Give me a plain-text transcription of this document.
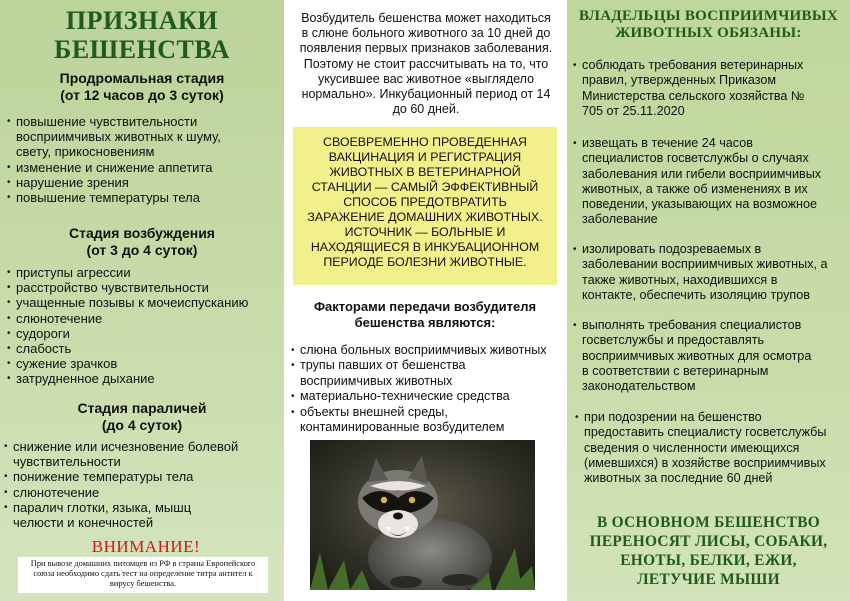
ПРИЗНАКИ
БЕШЕНСТВА
Продромальная стадия
(от 12 часов до 3 суток)
• повышение чувствительности
восприимчивых животных к шуму,
свету, прикосновениям
• изменение и снижение аппетита
• нарушение зрения
• повышение температуры тела
Стадия возбуждения
(от 3 до 4 суток)
• приступы агрессии
• расстройство чувствительности
• учащенные позывы к мочеиспусканию
• слюнотечение
• судороги
• слабость
• сужение зрачков
• затрудненное дыхание
Стадия параличей
(до 4 суток)
• снижение или исчезновение болевой
чувствительности
• понижение температуры тела
• слюнотечение
• паралич глотки, языка, мышц
челюсти и конечностей
ВНИМАНИЕ!
При вывозе домашних питомцев из РФ в страны Европейского союза необходимо сдать тест на определение титра антител к вирусу бешенства.
Возбудитель бешенства может находиться в слюне больного животного за 10 дней до появления первых признаков заболевания. Поэтому не стоит рассчитывать на то, что укусившее вас животное «выглядело нормально». Инкубационный период от 14 до 60 дней.
СВОЕВРЕМЕННО ПРОВЕДЕННАЯ ВАКЦИНАЦИЯ И РЕГИСТРАЦИЯ ЖИВОТНЫХ В ВЕТЕРИНАРНОЙ СТАНЦИИ — САМЫЙ ЭФФЕКТИВНЫЙ СПОСОБ ПРЕДОТВРАТИТЬ ЗАРАЖЕНИЕ ДОМАШНИХ ЖИВОТНЫХ.
ИСТОЧНИК — БОЛЬНЫЕ И НАХОДЯЩИЕСЯ В ИНКУБАЦИОННОМ ПЕРИОДЕ БОЛЕЗНИ ЖИВОТНЫЕ.
Факторами передачи возбудителя бешенства являются:
• слюна больных восприимчивых животных
• трупы павших от бешенства
восприимчивых животных
• материально-технические средства
• объекты внешней среды,
контаминированные возбудителем
ВЛАДЕЛЬЦЫ ВОСПРИИМЧИВЫХ ЖИВОТНЫХ ОБЯЗАНЫ:
• соблюдать требования ветеринарных правил, утвержденных Приказом Министерства сельского хозяйства № 705 от 25.11.2020
• извещать в течение 24 часов специалистов госветслужбы о случаях заболевания или гибели восприимчивых животных, а также об изменениях в их поведении, указывающих на возможное заболевание
• изолировать подозреваемых в заболевании восприимчивых животных, а также животных, находившихся в контакте, обеспечить изоляцию трупов
• выполнять требования специалистов госветслужбы и предоставлять восприимчивых животных для осмотра в соответствии с ветеринарным законодательством
• при подозрении на бешенство предоставить специалисту госветслужбы сведения о численности имеющихся (имевшихся) в хозяйстве восприимчивых животных за последние 60 дней
В ОСНОВНОМ БЕШЕНСТВО
ПЕРЕНОСЯТ ЛИСЫ, СОБАКИ,
ЕНОТЫ, БЕЛКИ, ЕЖИ,
ЛЕТУЧИЕ МЫШИ
